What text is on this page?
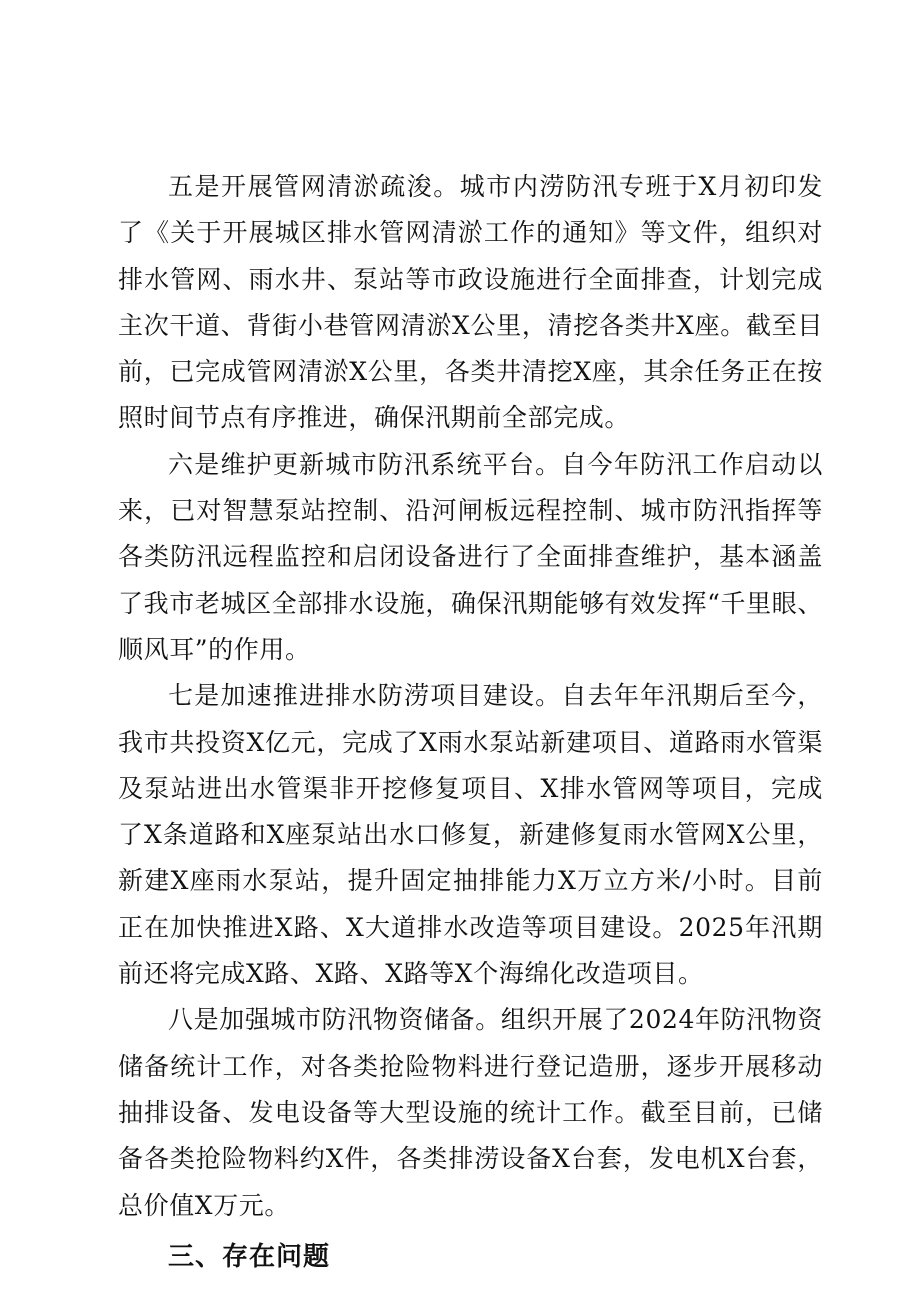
五是开展管网清淤疏浚。城市内涝防汛专班于X月初印发了《关于开展城区排水管网清淤工作的通知》等文件，组织对排水管网、雨水井、泵站等市政设施进行全面排查，计划完成主次干道、背街小巷管网清淤X公里，清挖各类井X座。截至目前，已完成管网清淤X公里，各类井清挖X座，其余任务正在按照时间节点有序推进，确保汛期前全部完成。

六是维护更新城市防汛系统平台。自今年防汛工作启动以来，已对智慧泵站控制、沿河闸板远程控制、城市防汛指挥等各类防汛远程监控和启闭设备进行了全面排查维护，基本涵盖了我市老城区全部排水设施，确保汛期能够有效发挥“千里眼、顺风耳”的作用。

七是加速推进排水防涝项目建设。自去年年汛期后至今，我市共投资X亿元，完成了X雨水泵站新建项目、道路雨水管渠及泵站进出水管渠非开挖修复项目、X排水管网等项目，完成了X条道路和X座泵站出水口修复，新建修复雨水管网X公里，新建X座雨水泵站，提升固定抽排能力X万立方米/小时。目前正在加快推进X路、X大道排水改造等项目建设。2025年汛期前还将完成X路、X路、X路等X个海绵化改造项目。

八是加强城市防汛物资储备。组织开展了2024年防汛物资储备统计工作，对各类抢险物料进行登记造册，逐步开展移动抽排设备、发电设备等大型设施的统计工作。截至目前，已储备各类抢险物料约X件，各类排涝设备X台套，发电机X台套，总价值X万元。

三、存在问题
